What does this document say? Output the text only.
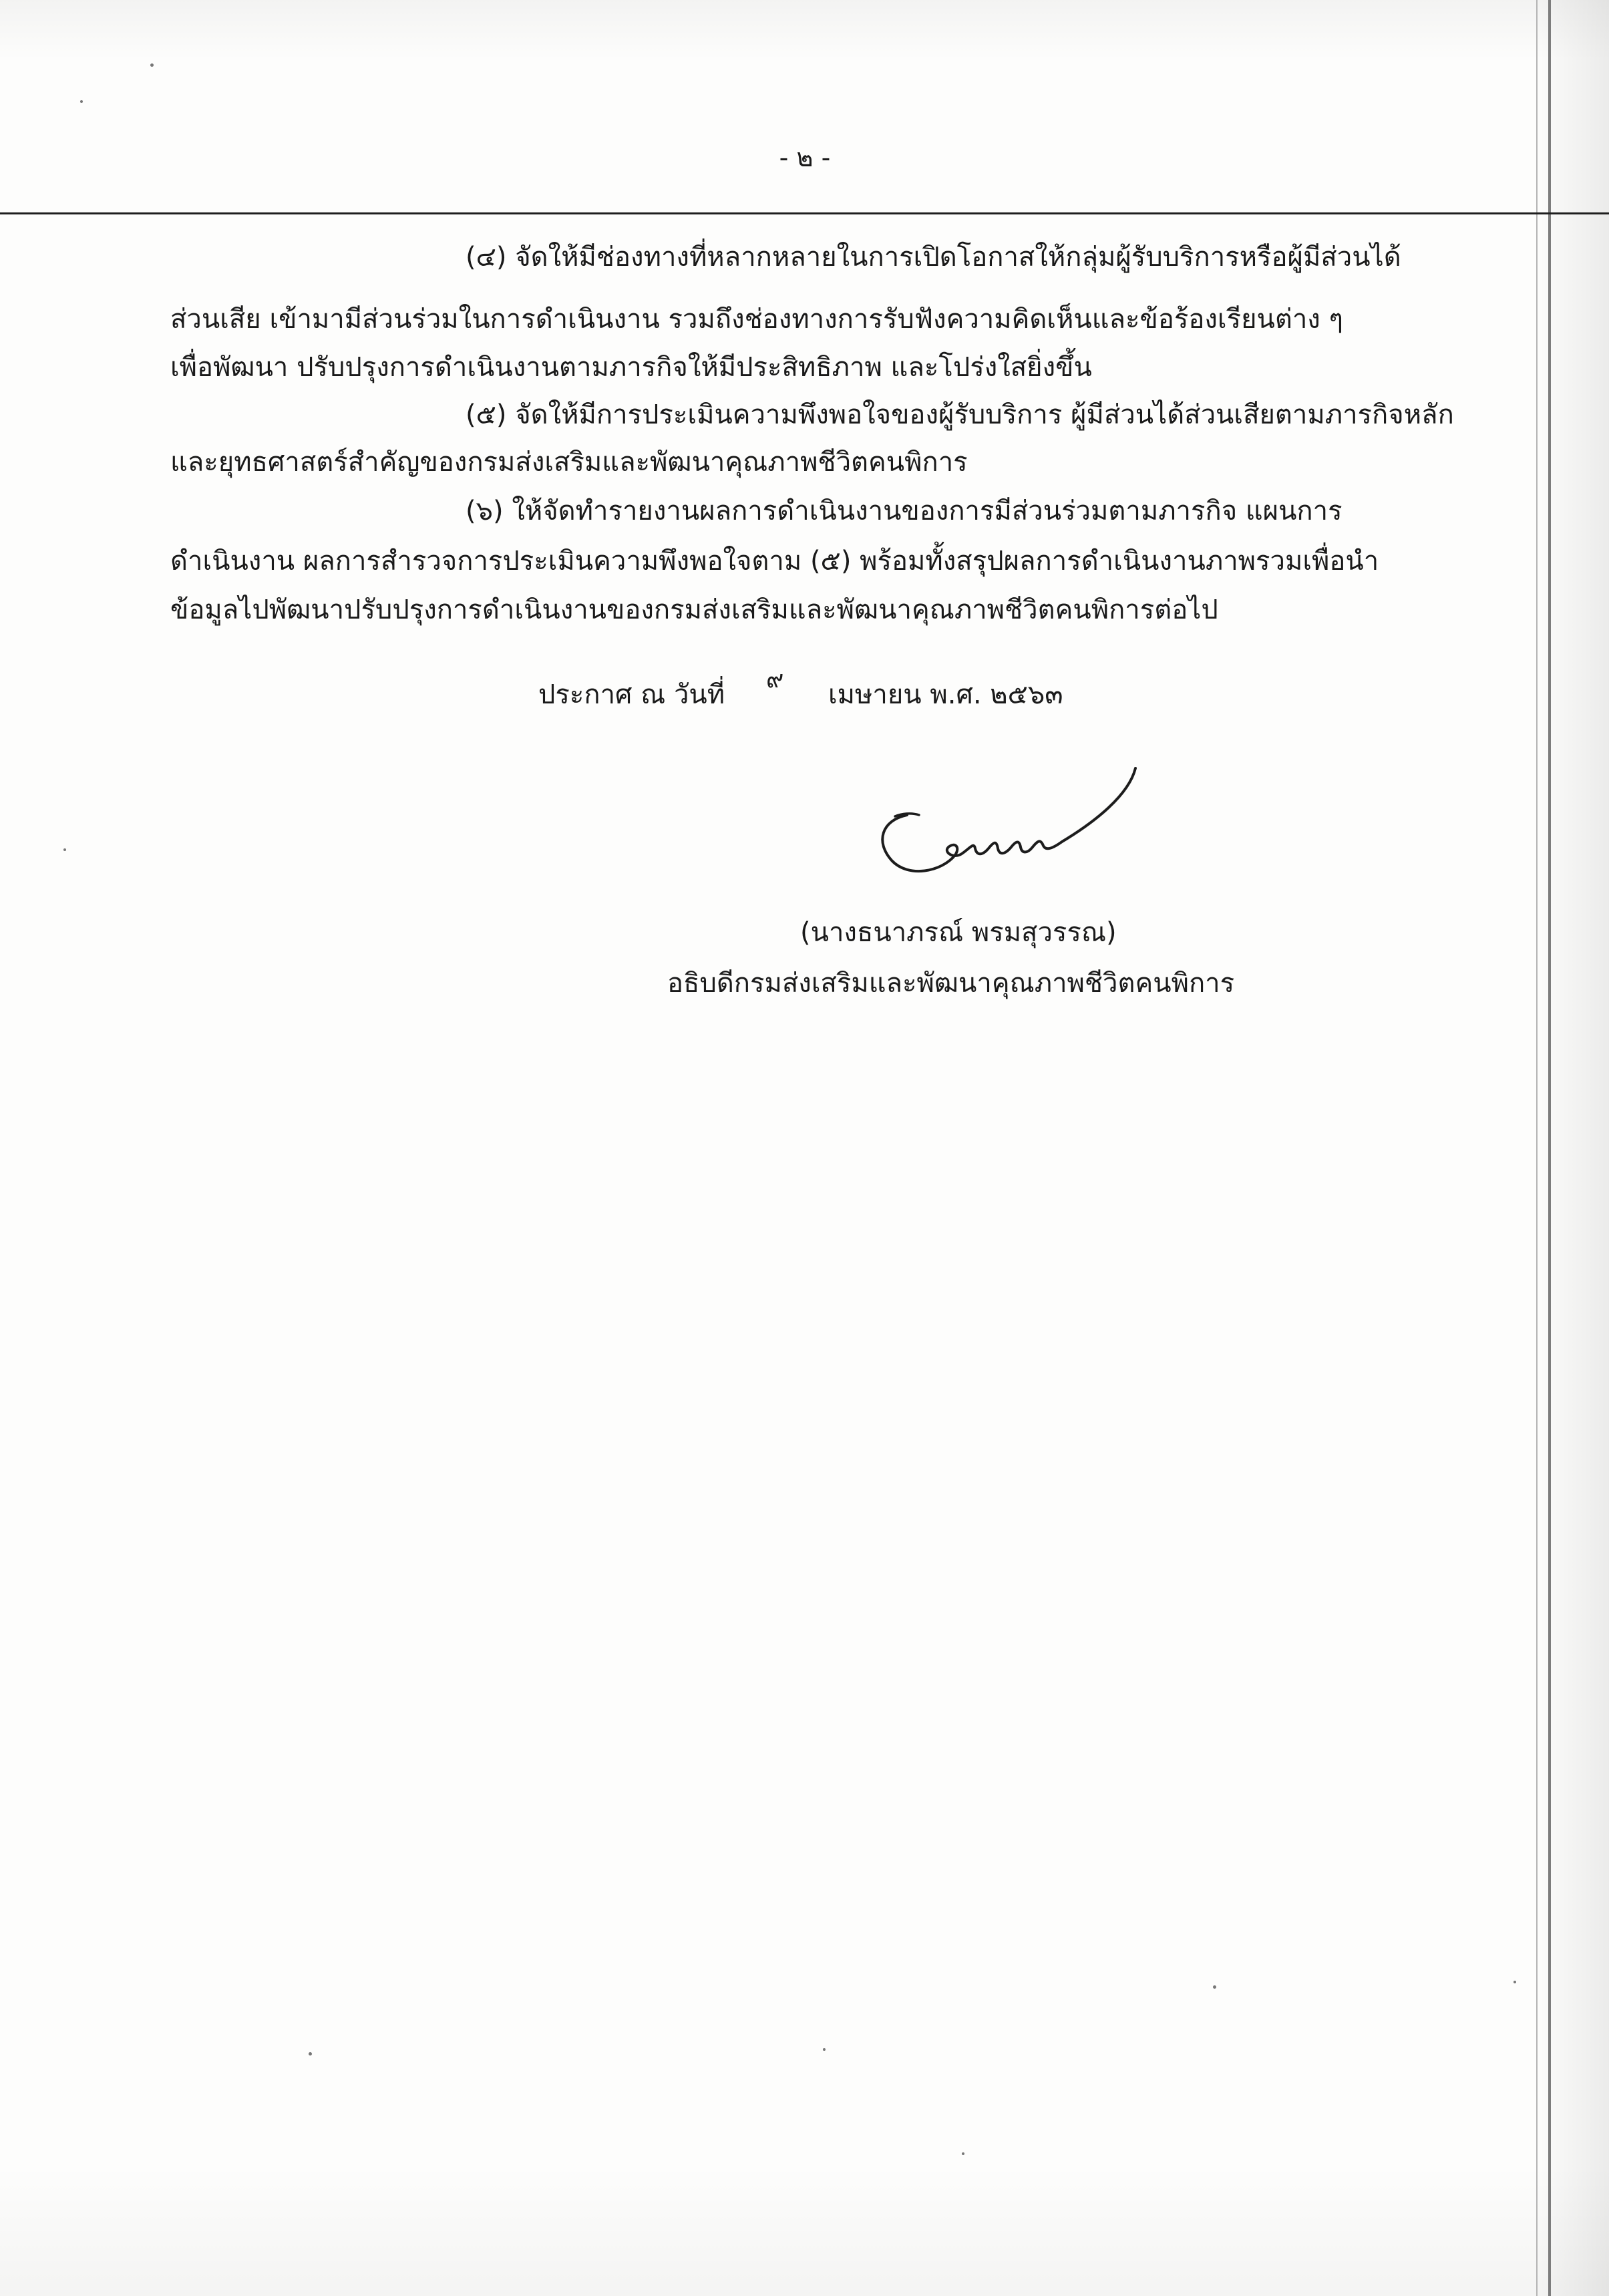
- ๒ -
(๔) จัดให้มีช่องทางที่หลากหลายในการเปิดโอกาสให้กลุ่มผู้รับบริการหรือผู้มีส่วนได้
ส่วนเสีย เข้ามามีส่วนร่วมในการดำเนินงาน รวมถึงช่องทางการรับฟังความคิดเห็นและข้อร้องเรียนต่าง ๆ
เพื่อพัฒนา ปรับปรุงการดำเนินงานตามภารกิจให้มีประสิทธิภาพ และโปร่งใสยิ่งขึ้น
(๕) จัดให้มีการประเมินความพึงพอใจของผู้รับบริการ ผู้มีส่วนได้ส่วนเสียตามภารกิจหลัก
และยุทธศาสตร์สำคัญของกรมส่งเสริมและพัฒนาคุณภาพชีวิตคนพิการ
(๖) ให้จัดทำรายงานผลการดำเนินงานของการมีส่วนร่วมตามภารกิจ แผนการ
ดำเนินงาน ผลการสำรวจการประเมินความพึงพอใจตาม (๕) พร้อมทั้งสรุปผลการดำเนินงานภาพรวมเพื่อนำ
ข้อมูลไปพัฒนาปรับปรุงการดำเนินงานของกรมส่งเสริมและพัฒนาคุณภาพชีวิตคนพิการต่อไป
ประกาศ ณ วันที่ ๙ เมษายน พ.ศ. ๒๕๖๓
(นางธนาภรณ์ พรมสุวรรณ)
อธิบดีกรมส่งเสริมและพัฒนาคุณภาพชีวิตคนพิการ
